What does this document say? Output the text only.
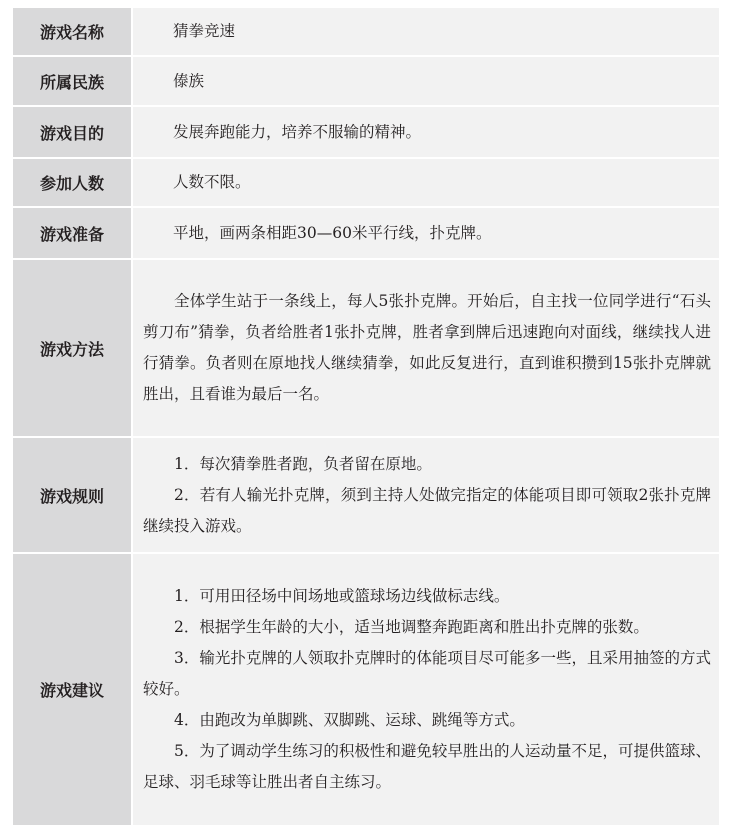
游戏名称	猜拳竞速

所属民族	傣族

游戏目的	发展奔跑能力，培养不服输的精神。

参加人数	人数不限。

游戏准备	平地，画两条相距30—60米平行线，扑克牌。

游戏方法	全体学生站于一条线上，每人5张扑克牌。开始后，自主找一位同学进行“石头剪刀布”猜拳，负者给胜者1张扑克牌，胜者拿到牌后迅速跑向对面线，继续找人进行猜拳。负者则在原地找人继续猜拳，如此反复进行，直到谁积攒到15张扑克牌就胜出，且看谁为最后一名。

游戏规则	1．每次猜拳胜者跑，负者留在原地。
2．若有人输光扑克牌，须到主持人处做完指定的体能项目即可领取2张扑克牌继续投入游戏。

游戏建议	1．可用田径场中间场地或篮球场边线做标志线。
2．根据学生年龄的大小，适当地调整奔跑距离和胜出扑克牌的张数。
3．输光扑克牌的人领取扑克牌时的体能项目尽可能多一些，且采用抽签的方式较好。
4．由跑改为单脚跳、双脚跳、运球、跳绳等方式。
5．为了调动学生练习的积极性和避免较早胜出的人运动量不足，可提供篮球、足球、羽毛球等让胜出者自主练习。
